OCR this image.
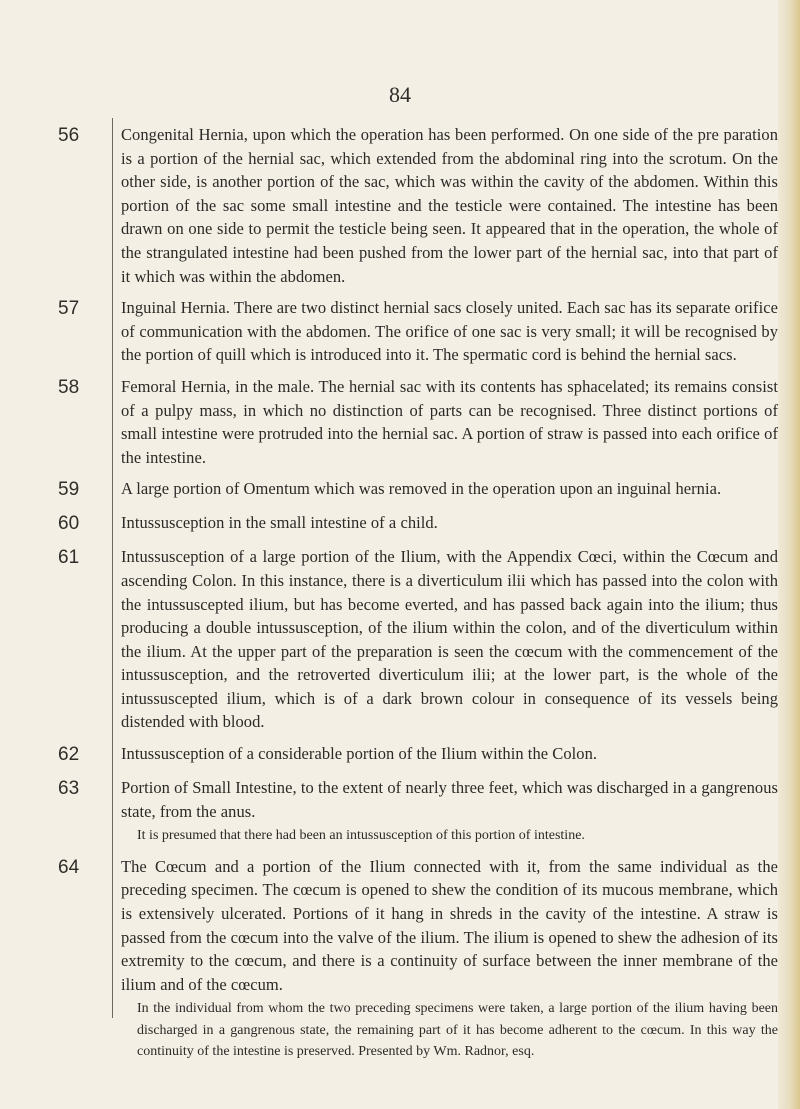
84
56	Congenital Hernia, upon which the operation has been performed. On one side of the pre paration is a portion of the hernial sac, which extended from the abdominal ring into the scrotum. On the other side, is another portion of the sac, which was within the cavity of the abdomen. Within this portion of the sac some small intestine and the testicle were contained. The intestine has been drawn on one side to permit the testicle being seen. It appeared that in the operation, the whole of the strangulated intestine had been pushed from the lower part of the hernial sac, into that part of it which was within the abdomen.

57	Inguinal Hernia. There are two distinct hernial sacs closely united. Each sac has its separate orifice of communication with the abdomen. The orifice of one sac is very small; it will be recognised by the portion of quill which is introduced into it. The spermatic cord is behind the hernial sacs.

58	Femoral Hernia, in the male. The hernial sac with its contents has sphacelated; its remains consist of a pulpy mass, in which no distinction of parts can be recognised. Three distinct portions of small intestine were protruded into the hernial sac. A portion of straw is passed into each orifice of the intestine.

59	A large portion of Omentum which was removed in the operation upon an inguinal hernia.

60	Intussusception in the small intestine of a child.

61	Intussusception of a large portion of the Ilium, with the Appendix Cœci, within the Cœcum and ascending Colon. In this instance, there is a diverticulum ilii which has passed into the colon with the intussuscepted ilium, but has become everted, and has passed back again into the ilium; thus producing a double intussusception, of the ilium within the colon, and of the diverticulum within the ilium. At the upper part of the preparation is seen the cœcum with the commencement of the intussusception, and the retroverted diverticulum ilii; at the lower part, is the whole of the intussuscepted ilium, which is of a dark brown colour in consequence of its vessels being distended with blood.

62	Intussusception of a considerable portion of the Ilium within the Colon.

63	Portion of Small Intestine, to the extent of nearly three feet, which was discharged in a gangrenous state, from the anus.

It is presumed that there had been an intussusception of this portion of intestine.

64	The Cœcum and a portion of the Ilium connected with it, from the same individual as the preceding specimen. The cœcum is opened to shew the condition of its mucous membrane, which is extensively ulcerated. Portions of it hang in shreds in the cavity of the intestine. A straw is passed from the cœcum into the valve of the ilium. The ilium is opened to shew the adhesion of its extremity to the cœcum, and there is a continuity of surface between the inner membrane of the ilium and of the cœcum.

In the individual from whom the two preceding specimens were taken, a large portion of the ilium having been discharged in a gangrenous state, the remaining part of it has become adherent to the cœcum. In this way the continuity of the intestine is preserved. Presented by Wm. Radnor, esq.
